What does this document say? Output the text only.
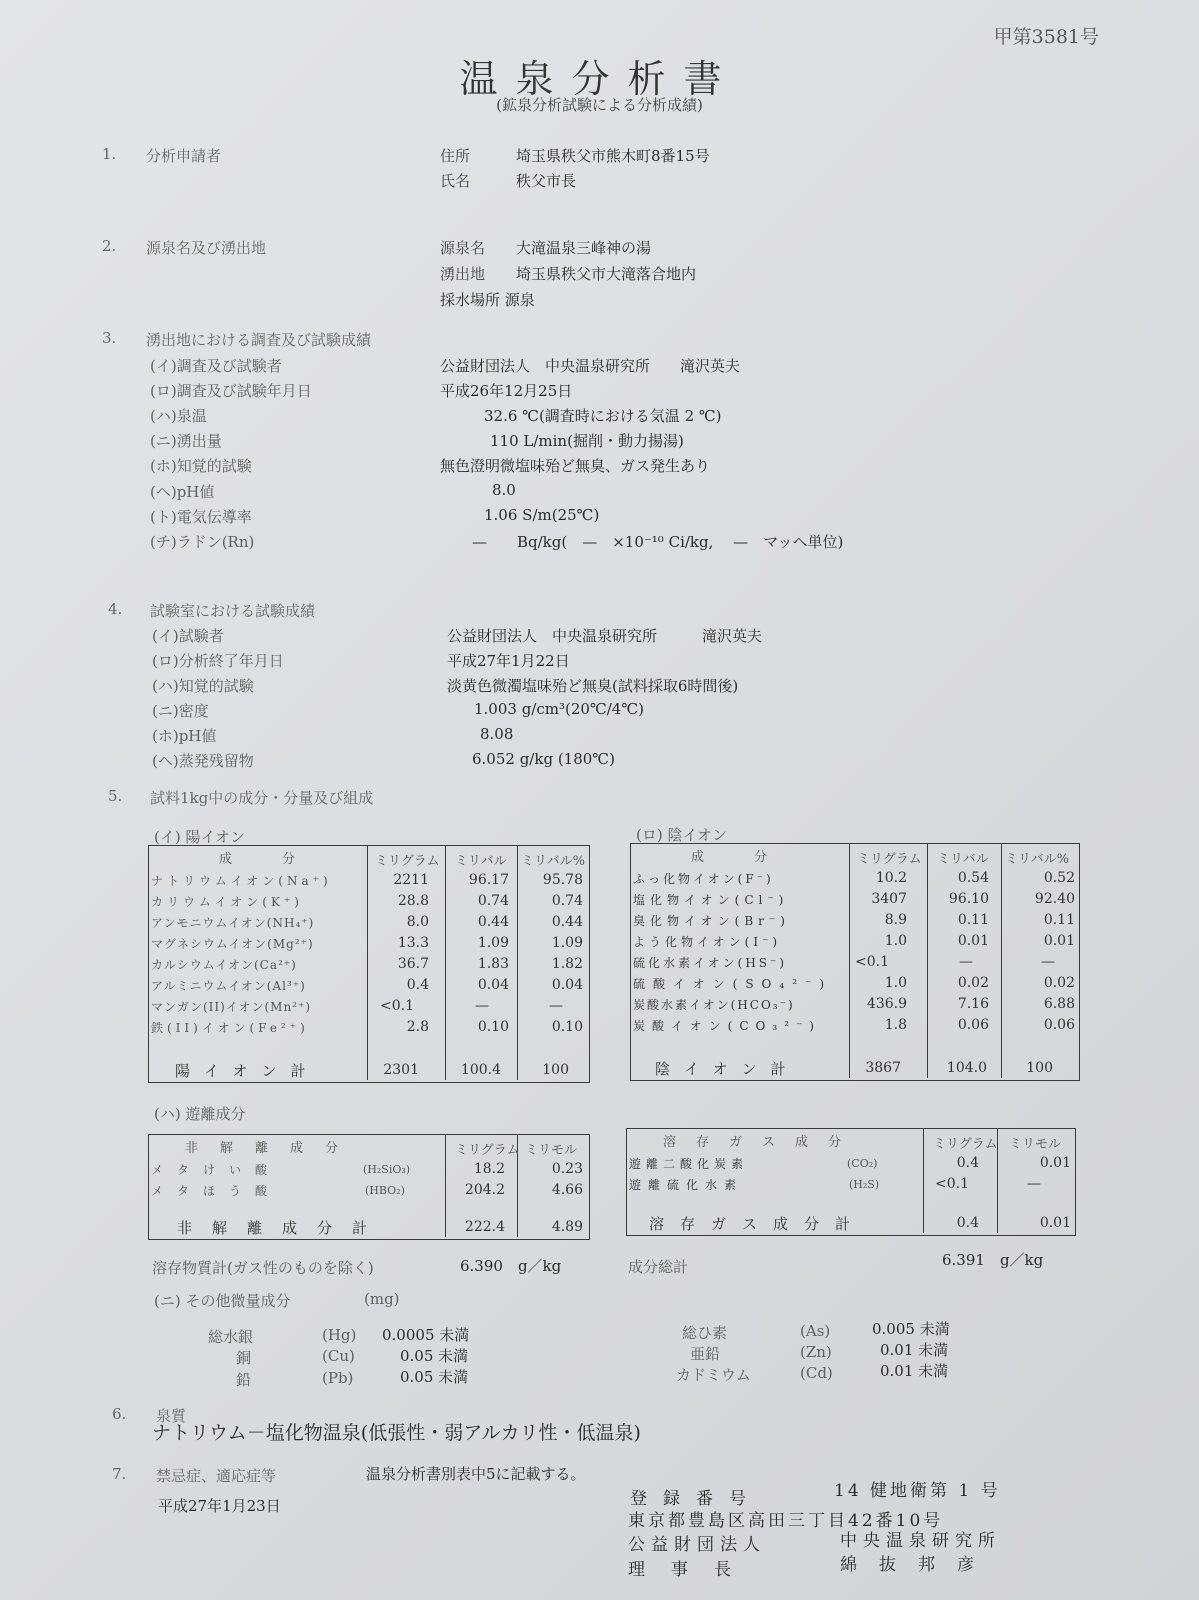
甲第3581号
温泉分析書
(鉱泉分析試験による分析成績)
1. 分析申請者	住所	埼玉県秩父市熊木町8番15号
氏名	秩父市長
2. 源泉名及び湧出地	源泉名 大滝温泉三峰神の湯
湧出地 埼玉県秩父市大滝落合地内
採水場所 源泉
3. 湧出地における調査及び試験成績
(イ)調査及び試験者	公益財団法人　中央温泉研究所　　滝沢英夫
(ロ)調査及び試験年月日	平成26年12月25日
(ハ)泉温	32.6 ℃(調査時における気温 2 ℃)
(ニ)湧出量	110 L/min(掘削・動力揚湯)
(ホ)知覚的試験	無色澄明微塩味殆ど無臭、ガス発生あり
(ヘ)pH値	8.0
(ト)電気伝導率	1.06 S/m(25℃)
(チ)ラドン(Rn)	—　　Bq/kg(　—　×10⁻¹⁰ Ci/kg,　 —　マッヘ単位)
4. 試験室における試験成績
(イ)試験者	公益財団法人　中央温泉研究所　　　滝沢英夫
(ロ)分析終了年月日	平成27年1月22日
(ハ)知覚的試験	淡黄色微濁塩味殆ど無臭(試料採取6時間後)
(ニ)密度	1.003 g/cm³(20℃/4℃)
(ホ)pH値	8.08
(ヘ)蒸発残留物	6.052 g/kg (180℃)
5. 試料1kg中の成分・分量及び組成
(イ) 陽イオン	(ロ) 陰イオン
成　　分	ミリグラム ミリバル ミリバル%
ナトリウムイオン(Na⁺)	2211	96.17 95.78
カリウムイオン(K⁺)	28.8	0.74	0.74
アンモニウムイオン(NH₄⁺)	8.0	0.44	0.44
マグネシウムイオン(Mg²⁺)	13.3	1.09	1.09
カルシウムイオン(Ca²⁺)	36.7	1.83	1.82
アルミニウムイオン(Al³⁺)	0.4	0.04	0.04
マンガン(II)イオン(Mn²⁺)	<0.1	—	—
鉄(II)イオン(Fe²⁺)	2.8	0.10	0.10
陽イオン計	2301	100.4	100
成　　分	ミリグラム ミリバル ミリバル%
ふっ化物イオン(F⁻)	10.2	0.54	0.52
塩化物イオン(Cl⁻)	3407	96.10	92.40
臭化物イオン(Br⁻)	8.9	0.11	0.11
よう化物イオン(I⁻)	1.0	0.01	0.01
硫化水素イオン(HS⁻)	<0.1	—	—
硫酸イオン(SO₄²⁻)	1.0	0.02	0.02
炭酸水素イオン(HCO₃⁻)	436.9	7.16	6.88
炭酸イオン(CO₃²⁻)	1.8	0.06	0.06
陰イオン計	3867	104.0	100
(ハ) 遊離成分
非解離成分	ミリグラム ミリモル
メタけい酸	(H₂SiO₃)	18.2	0.23
メタほう酸	(HBO₂)	204.2	4.66
非解離成分計	222.4	4.89
溶存ガス成分	ミリグラム ミリモル
遊離二酸化炭素	(CO₂)	0.4	0.01
遊離硫化水素	(H₂S)	<0.1	—
溶存ガス成分計	0.4	0.01
溶存物質計(ガス性のものを除く)	6.390　g／kg	成分総計	6.391　g／kg
(ニ) その他微量成分	(mg)
総水銀	(Hg) 0.0005 未満
銅	(Cu)	0.05 未満
鉛	(Pb)	0.05 未満
総ひ素	(As)	0.005 未満
亜鉛	(Zn)	0.01 未満
カドミウム	(Cd)	0.01 未満
6. 泉質
ナトリウム－塩化物温泉(低張性・弱アルカリ性・低温泉)
7. 禁忌症、適応症等	温泉分析書別表中5に記載する。
平成27年1月23日	登録番号	14 健地衛第 1 号
東京都豊島区高田三丁目42番10号
公益財団法人	中央温泉研究所
理事長	綿抜邦彦
